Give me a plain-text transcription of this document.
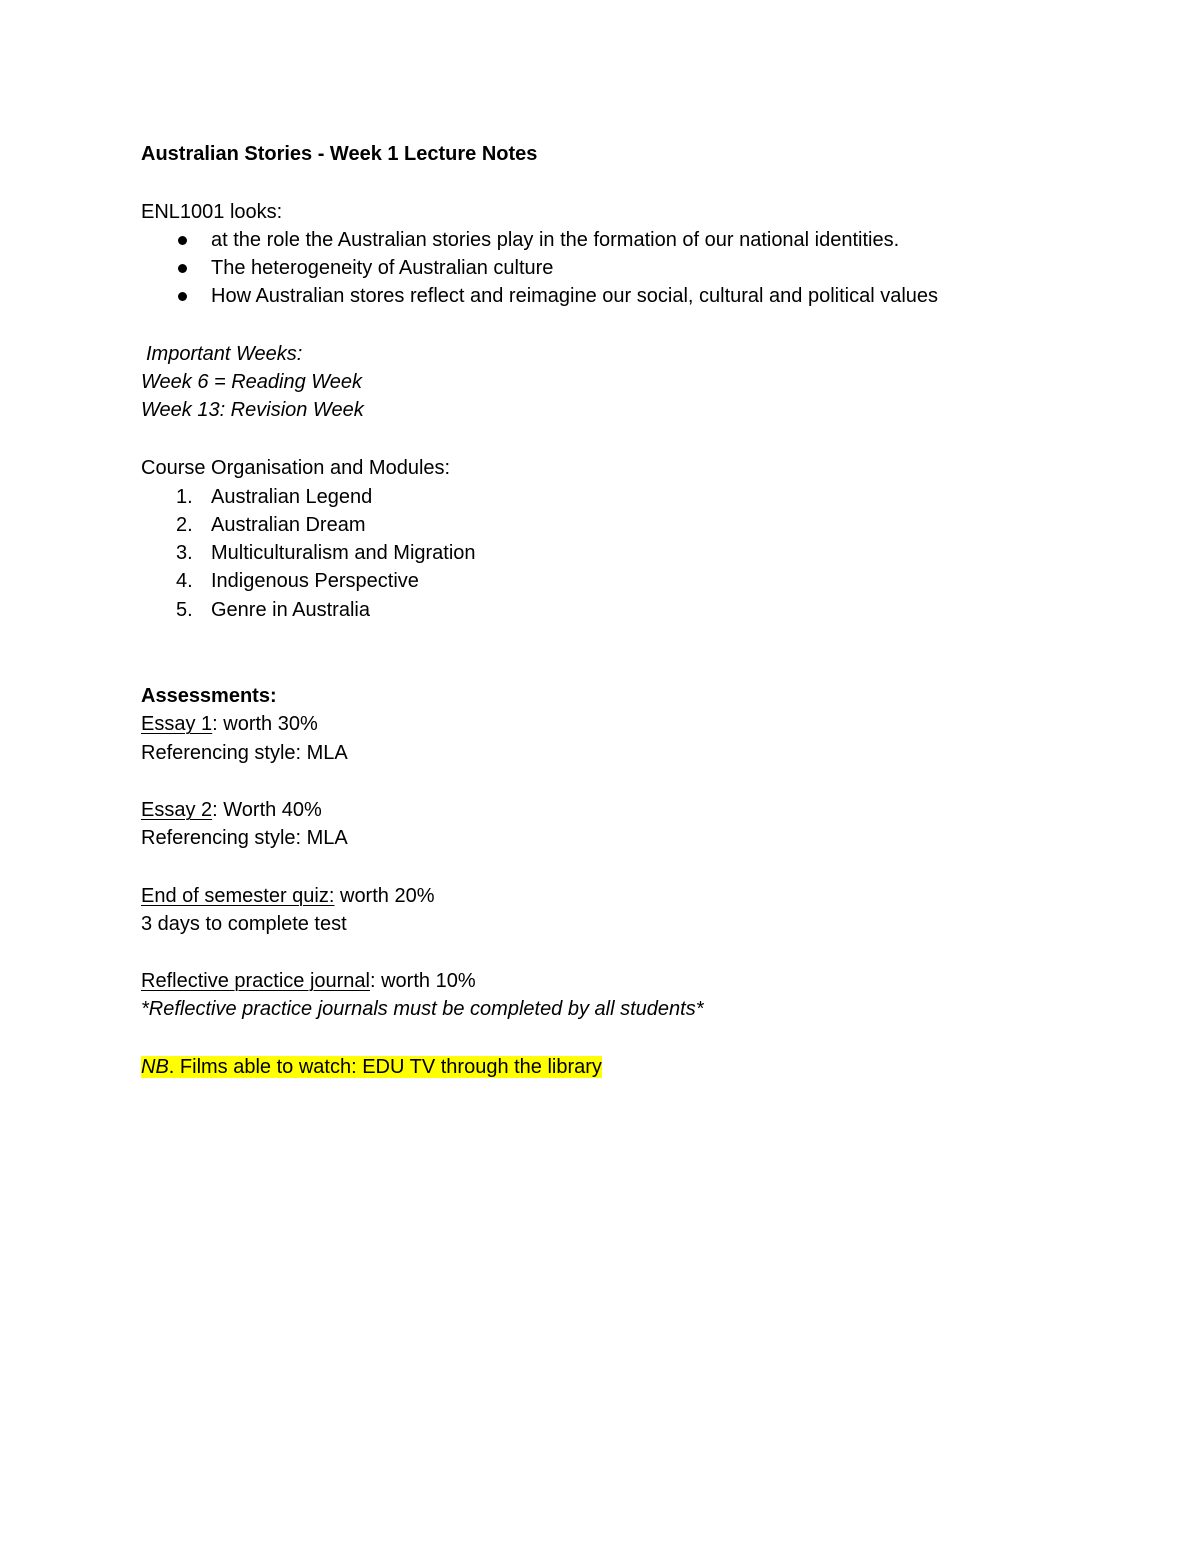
Australian Stories - Week 1 Lecture Notes
ENL1001 looks:
at the role the Australian stories play in the formation of our national identities.
The heterogeneity of Australian culture
How Australian stores reflect and reimagine our social, cultural and political values
Important Weeks:
Week 6 = Reading Week
Week 13: Revision Week
Course Organisation and Modules:
1. Australian Legend
2. Australian Dream
3. Multiculturalism and Migration
4. Indigenous Perspective
5. Genre in Australia
Assessments:
Essay 1: worth 30%
Referencing style: MLA
Essay 2: Worth 40%
Referencing style: MLA
End of semester quiz: worth 20%
3 days to complete test
Reflective practice journal: worth 10%
*Reflective practice journals must be completed by all students*
NB. Films able to watch: EDU TV through the library
